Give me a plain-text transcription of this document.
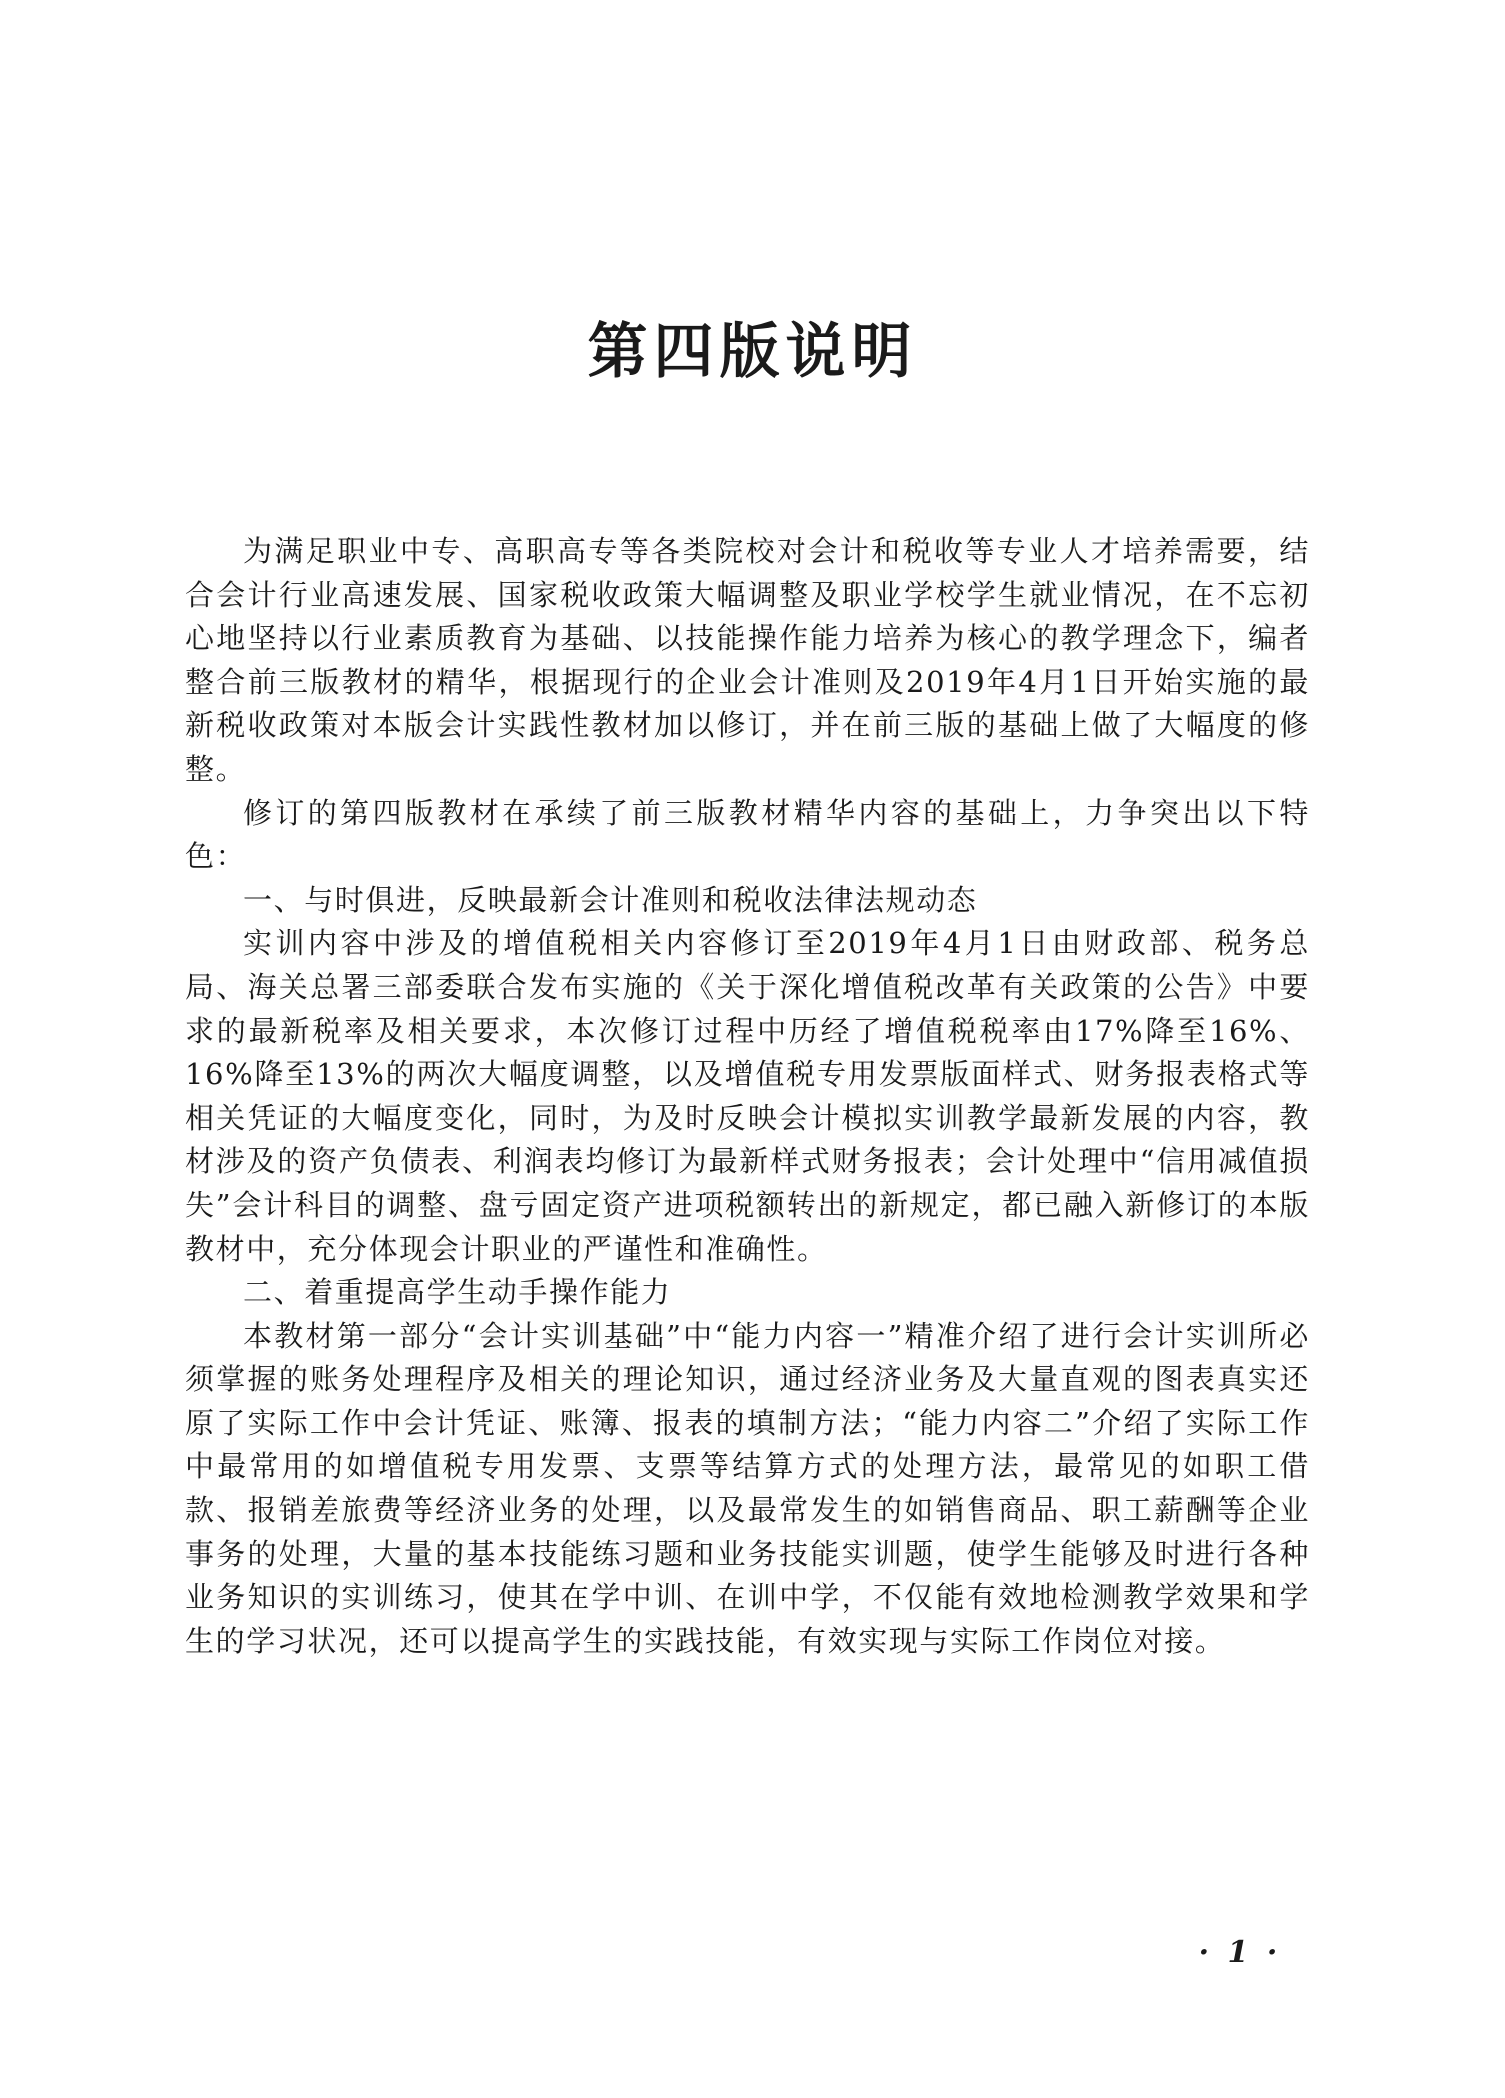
第四版说明

为满足职业中专、高职高专等各类院校对会计和税收等专业人才培养需要，结合会计行业高速发展、国家税收政策大幅调整及职业学校学生就业情况，在不忘初心地坚持以行业素质教育为基础、以技能操作能力培养为核心的教学理念下，编者整合前三版教材的精华，根据现行的企业会计准则及2019年4月1日开始实施的最新税收政策对本版会计实践性教材加以修订，并在前三版的基础上做了大幅度的修整。

修订的第四版教材在承续了前三版教材精华内容的基础上，力争突出以下特色：

一、与时俱进，反映最新会计准则和税收法律法规动态

实训内容中涉及的增值税相关内容修订至2019年4月1日由财政部、税务总局、海关总署三部委联合发布实施的《关于深化增值税改革有关政策的公告》中要求的最新税率及相关要求，本次修订过程中历经了增值税税率由17%降至16%、16%降至13%的两次大幅度调整，以及增值税专用发票版面样式、财务报表格式等相关凭证的大幅度变化，同时，为及时反映会计模拟实训教学最新发展的内容，教材涉及的资产负债表、利润表均修订为最新样式财务报表；会计处理中“信用减值损失”会计科目的调整、盘亏固定资产进项税额转出的新规定，都已融入新修订的本版教材中，充分体现会计职业的严谨性和准确性。

二、着重提高学生动手操作能力

本教材第一部分“会计实训基础”中“能力内容一”精准介绍了进行会计实训所必须掌握的账务处理程序及相关的理论知识，通过经济业务及大量直观的图表真实还原了实际工作中会计凭证、账簿、报表的填制方法；“能力内容二”介绍了实际工作中最常用的如增值税专用发票、支票等结算方式的处理方法，最常见的如职工借款、报销差旅费等经济业务的处理，以及最常发生的如销售商品、职工薪酬等企业事务的处理，大量的基本技能练习题和业务技能实训题，使学生能够及时进行各种业务知识的实训练习，使其在学中训、在训中学，不仅能有效地检测教学效果和学生的学习状况，还可以提高学生的实践技能，有效实现与实际工作岗位对接。

· 1 ·
